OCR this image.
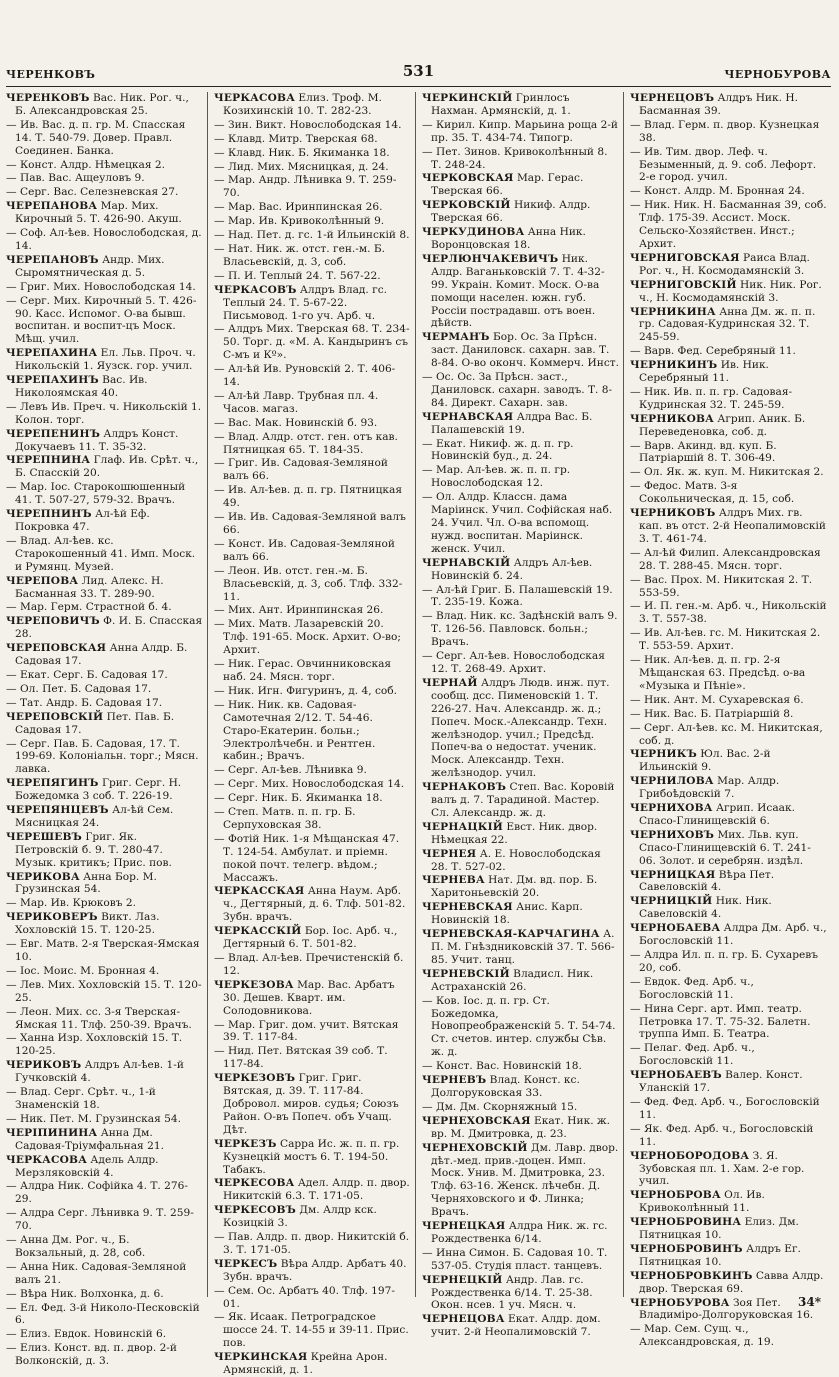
ЧЕРЕНКОВЪ	531	ЧЕРНОБУРОВА
ЧЕРЕНКОВЪ Вас. Ник. Рог. ч., Б. Александровская 25.
— Ив. Вас. д. п. гр. М. Спасская 14. Т. 540-79. Довер. Правл. Соединен. Банка.
— Конст. Алдр. Нѣмецкая 2.
— Пав. Вас. Ащеуловъ 9.
— Серг. Вас. Селезневская 27.
ЧЕРЕПАНОВА Мар. Мих. Кирочный 5. Т. 426-90. Акуш.
— Соф. Ал-ѣев. Новослободская, д. 14.
ЧЕРЕПАНОВЪ Андр. Мих. Сыромятническая д. 5.
— Григ. Мих. Новослободская 14.
— Серг. Мих. Кирочный 5. Т. 426-90. Касс. Испомог. О-ва бывш. воспитан. и воспит-цъ Моск. Мѣщ. учил.
ЧЕРЕПАХИНА Ел. Льв. Проч. ч. Никольскій 1. Яузск. гор. учил.
ЧЕРЕПАХИНЪ Вас. Ив. Николоямская 40.
— Левъ Ив. Преч. ч. Никольскій 1. Колон. торг.
ЧЕРЕПЕНИНЪ Алдръ Конст. Докучаевъ 11. Т. 35-32.
ЧЕРЕПНИНА Глаф. Ив. Срѣт. ч., Б. Спасскій 20.
— Мар. Іос. Старокошюшенный 41. Т. 507-27, 579-32. Врачъ.
ЧЕРЕПНИНЪ Ал-ѣй Еф. Покровка 47.
— Влад. Ал-ѣев. кс. Старокошенный 41. Имп. Моск. и Румянц. Музей.
ЧЕРЕПОВА Лид. Алекс. Н. Басманная 33. Т. 289-90.
— Мар. Герм. Страстной б. 4.
ЧЕРЕПОВИЧЪ Ф. И. Б. Спасская 28.
ЧЕРЕПОВСКАЯ Анна Алдр. Б. Садовая 17.
— Екат. Серг. Б. Садовая 17.
— Ол. Пет. Б. Садовая 17.
— Тат. Андр. Б. Садовая 17.
ЧЕРЕПОВСКІЙ Пет. Пав. Б. Садовая 17.
— Серг. Пав. Б. Садовая, 17. Т. 199-69. Колоніальн. торг.; Мясн. лавка.
ЧЕРЕПЯГИНЪ Григ. Серг. Н. Божедомка 3 соб. Т. 226-19.
ЧЕРЕПЯНЦЕВЪ Ал-ѣй Сем. Мясницкая 24.
ЧЕРЕШЕВЪ Григ. Як. Петровскій б. 9. Т. 280-47. Музык. критикъ; Прис. пов.
ЧЕРИКОВА Анна Бор. М. Грузинская 54.
— Мар. Ив. Крюковъ 2.
ЧЕРИКОВЕРЪ Викт. Лаз. Хохловскій 15. Т. 120-25.
— Евг. Матв. 2-я Тверская-Ямская 10.
— Іос. Моис. М. Бронная 4.
— Лев. Мих. Хохловскій 15. Т. 120-25.
— Леон. Мих. сс. 3-я Тверская-Ямская 11. Тлф. 250-39. Врачъ.
— Ханна Изр. Хохловскій 15. Т. 120-25.
ЧЕРИКОВЪ Алдръ Ал-ѣев. 1-й Гучковскій 4.
— Влад. Серг. Срѣт. ч., 1-й Знаменскій 18.
— Ник. Пет. М. Грузинская 54.
ЧЕРІПИНИНА Анна Дм. Садовая-Тріумфальная 21.
ЧЕРКАСОВА Адель Алдр. Мерзляковскій 4.
— Алдра Ник. Софійка 4. Т. 276-29.
— Алдра Серг. Лѣнивка 9. Т. 259-70.
— Анна Дм. Рог. ч., Б. Вокзальный, д. 28, соб.
— Анна Ник. Садовая-Земляной валъ 21.
— Вѣра Ник. Волхонка, д. 6.
— Ел. Фед. 3-й Николо-Песковскій 6.
— Елиз. Евдок. Новинскій 6.
— Елиз. Конст. вд. п. двор. 2-й Волконскій, д. 3.
ЧЕРКАСОВА Елиз. Троф. М. Козихинскій 10. Т. 282-23.
— Зин. Викт. Новослободская 14.
— Клавд. Митр. Тверская 68.
— Клавд. Ник. Б. Якиманка 18.
— Лид. Мих. Мясницкая, д. 24.
— Мар. Андр. Лѣнивка 9. Т. 259-70.
— Мар. Вас. Иринпинская 26.
— Мар. Ив. Кривоколѣнный 9.
— Над. Пет. д. гс. 1-й Ильинскій 8.
— Нат. Ник. ж. отст. ген.-м. Б. Власьевскій, д. 3, соб.
— П. И. Теплый 24. Т. 567-22.
ЧЕРКАСОВЪ Алдръ Влад. гс. Теплый 24. Т. 5-67-22. Письмовод. 1-го уч. Арб. ч.
— Алдръ Мих. Тверская 68. Т. 234-50. Торг. д. «М. А. Кандыринъ съ С-мъ и Кº».
— Ал-ѣй Ив. Руновскій 2. Т. 406-14.
— Ал-ѣй Лавр. Трубная пл. 4. Часов. магаз.
— Вас. Мак. Новинскій б. 93.
— Влад. Алдр. отст. ген. отъ кав. Пятницкая 65. Т. 184-35.
— Григ. Ив. Садовая-Земляной валъ 66.
— Ив. Ал-ѣев. д. п. гр. Пятницкая 49.
— Ив. Ив. Садовая-Земляной валъ 66.
— Конст. Ив. Садовая-Земляной валъ 66.
— Леон. Ив. отст. ген.-м. Б. Власьевскій, д. 3, соб. Тлф. 332-11.
— Мих. Ант. Иринпинская 26.
— Мих. Матв. Лазаревскій 20. Тлф. 191-65. Моск. Архит. О-во; Архит.
— Ник. Герас. Овчинниковская наб. 24. Мясн. торг.
— Ник. Игн. Фигуринъ, д. 4, соб.
— Ник. Ник. кв. Садовая-Самотечная 2/12. Т. 54-46. Старо-Екатерин. больн.; Электролѣчебн. и Рентген. кабин.; Врачъ.
— Серг. Ал-ѣев. Лѣнивка 9.
— Серг. Мих. Новослободская 14.
— Серг. Ник. Б. Якиманка 18.
— Степ. Матв. п. п. гр. Б. Серпуховская 38.
— Фотій Ник. 1-я Мѣщанская 47. Т. 124-54. Амбулат. и пріемн. покой почт. телегр. вѣдом.; Массажъ.
ЧЕРКАССКАЯ Анна Наум. Арб. ч., Дегтярный, д. 6. Тлф. 501-82. Зубн. врачъ.
ЧЕРКАССКІЙ Бор. Іос. Арб. ч., Дегтярный 6. Т. 501-82.
— Влад. Ал-ѣев. Пречистенскій б. 12.
ЧЕРКЕЗОВА Мар. Вас. Арбатъ 30. Дешев. Кварт. им. Солодовникова.
— Мар. Григ. дом. учит. Вятская 39. Т. 117-84.
— Нид. Пет. Вятская 39 соб. Т. 117-84.
ЧЕРКЕЗОВЪ Григ. Григ. Вятская, д. 39. Т. 117-84. Добровол. миров. судья; Союзъ Район. О-въ Попеч. объ Учащ. Дѣт.
ЧЕРКЕЗЪ Сарра Ис. ж. п. п. гр. Кузнецкій мостъ 6. Т. 194-50. Табакъ.
ЧЕРКЕСОВА Адел. Алдр. п. двор. Никитскій 6.3. Т. 171-05.
ЧЕРКЕСОВЪ Дм. Алдр кск. Козицкій 3.
— Пав. Алдр. п. двор. Никитскій б. 3. Т. 171-05.
ЧЕРКЕСЪ Вѣра Алдр. Арбатъ 40. Зубн. врачъ.
— Сем. Ос. Арбатъ 40. Тлф. 197-01.
— Як. Исаак. Петроградское шоссе 24. Т. 14-55 и 39-11. Прис. пов.
ЧЕРКИНСКАЯ Крейна Арон. Армянскій, д. 1.
ЧЕРКИНСКІЙ Гринлосъ Нахман. Армянскій, д. 1.
— Кирил. Кипр. Марьина роща 2-й пр. 35. Т. 434-74. Типогр.
— Пет. Зинов. Кривоколѣнный 8. Т. 248-24.
ЧЕРКОВСКАЯ Мар. Герас. Тверская 66.
ЧЕРКОВСКІЙ Никиф. Алдр. Тверская 66.
ЧЕРКУДИНОВА Анна Ник. Воронцовская 18.
ЧЕРЛЮНЧАКЕВИЧЪ Ник. Алдр. Ваганьковскій 7. Т. 4-32-99. Украін. Комит. Моск. О-ва помощи населен. южн. губ. Россіи пострадавш. отъ воен. дѣйств.
ЧЕРМАНЪ Бор. Ос. За Прѣсн. заст. Даниловск. сахарн. зав. Т. 8-84. О-во оконч. Коммерч. Инст.
— Ос. Ос. За Прѣсн. заст., Даниловск. сахарн. заводъ. Т. 8-84. Директ. Сахарн. зав.
ЧЕРНАВСКАЯ Алдра Вас. Б. Палашевскій 19.
— Екат. Никиф. ж. д. п. гр. Новинскій буд., д. 24.
— Мар. Ал-ѣев. ж. п. п. гр. Новослободская 12.
— Ол. Алдр. Классн. дама Маріинск. Учил. Софійская наб. 24. Учил. Чл. О-ва вспомощ. нужд. воспитан. Маріинск. женск. Учил.
ЧЕРНАВСКІЙ Алдръ Ал-ѣев. Новинскій б. 24.
— Ал-ѣй Григ. Б. Палашевскій 19. Т. 235-19. Кожа.
— Влад. Ник. кс. Задѣнскій валъ 9. Т. 126-56. Павловск. больн.; Врачъ.
— Серг. Ал-ѣев. Новослободская 12. Т. 268-49. Архит.
ЧЕРНАЙ Алдръ Людв. инж. пут. сообщ. дсс. Пименовскій 1. Т. 226-27. Нач. Александр. ж. д.; Попеч. Моск.-Александр. Техн. желѣзнодор. учил.; Предсѣд. Попеч-ва о недостат. ученик. Моск. Александр. Техн. желѣзнодор. учил.
ЧЕРНАКОВЪ Степ. Вас. Коровій валъ д. 7. Тарадиной. Мастер. Сл. Александр. ж. д.
ЧЕРНАЦКІЙ Евст. Ник. двор. Нѣмецкая 22.
ЧЕРНЕЯ А. Е. Новослободская 28. Т. 527-02.
ЧЕРНЕВА Нат. Дм. вд. пор. Б. Харитоньевскій 20.
ЧЕРНЕВСКАЯ Анис. Карп. Новинскій 18.
ЧЕРНЕВСКАЯ-КАРЧАГИНА А. П. М. Гнѣздниковскій 37. Т. 566-85. Учит. танц.
ЧЕРНЕВСКІЙ Владисл. Ник. Астраханскій 26.
— Ков. Іос. д. п. гр. Ст. Божедомка, Новопреображенскій 5. Т. 54-74. Ст. счетов. интер. службы Сѣв. ж. д.
— Конст. Вас. Новинскій 18.
ЧЕРНЕВЪ Влад. Конст. кс. Долгоруковская 33.
— Дм. Дм. Скорняжный 15.
ЧЕРНЕХОВСКАЯ Екат. Ник. ж. вр. М. Дмитровка, д. 23.
ЧЕРНЕХОВСКІЙ Дм. Лавр. двор. дѣт.-мед. прив.-доцен. Имп. Моск. Унив. М. Дмитровка, 23. Тлф. 63-16. Женск. лѣчебн. Д. Черняховского и Ф. Линка; Врачъ.
ЧЕРНЕЦКАЯ Алдра Ник. ж. гс. Рождественка 6/14.
— Инна Симон. Б. Садовая 10. Т. 537-05. Студія пласт. танцевъ.
ЧЕРНЕЦКІЙ Андр. Лав. гс. Рождественка 6/14. Т. 25-38. Окон. нсев. 1 уч. Мясн. ч.
ЧЕРНЕЦОВА Екат. Алдр. дом. учит. 2-й Неопалимовскій 7.
ЧЕРНЕЦОВЪ Алдръ Ник. Н. Басманная 39.
— Влад. Герм. п. двор. Кузнецкая 38.
— Ив. Тим. двор. Леф. ч. Безыменный, д. 9. соб. Лефорт. 2-е город. учил.
— Конст. Алдр. М. Бронная 24.
— Ник. Ник. Н. Басманная 39, соб. Тлф. 175-39. Ассист. Моск. Сельско-Хозяйствен. Инст.; Архит.
ЧЕРНИГОВСКАЯ Раиса Влад. Рог. ч., Н. Космодамянскій 3.
ЧЕРНИГОВСКІЙ Ник. Ник. Рог. ч., Н. Космодамянскій 3.
ЧЕРНИКИНА Анна Дм. ж. п. п. гр. Садовая-Кудринская 32. Т. 245-59.
— Варв. Фед. Серебряный 11.
ЧЕРНИКИНЪ Ив. Ник. Серебряный 11.
— Ник. Ив. п. п. гр. Садовая-Кудринская 32. Т. 245-59.
ЧЕРНИКОВА Агрип. Аник. Б. Переведеновка, соб. д.
— Варв. Акинд. вд. куп. Б. Патріаршій 8. Т. 306-49.
— Ол. Як. ж. куп. М. Никитская 2.
— Федос. Матв. 3-я Сокольническая, д. 15, соб.
ЧЕРНИКОВЪ Алдръ Мих. гв. кап. въ отст. 2-й Неопалимовскій 3. Т. 461-74.
— Ал-ѣй Филип. Александровская 28. Т. 288-45. Мясн. торг.
— Вас. Прох. М. Никитская 2. Т. 553-59.
— И. П. ген.-м. Арб. ч., Никольскій 3. Т. 557-38.
— Ив. Ал-ѣев. гс. М. Никитская 2. Т. 553-59. Архит.
— Ник. Ал-ѣев. д. п. гр. 2-я Мѣщанская 63. Предсѣд. о-ва «Музыка и Пѣніе».
— Ник. Ант. М. Сухаревская 6.
— Ник. Вас. Б. Патріаршій 8.
— Серг. Ал-ѣев. кс. М. Никитская, соб. д.
ЧЕРНИКЪ Юл. Вас. 2-й Ильинскій 9.
ЧЕРНИЛОВА Мар. Алдр. Грибоѣдовскій 7.
ЧЕРНИХОВА Агрип. Исаак. Спасо-Глинищевскій 6.
ЧЕРНИХОВЪ Мих. Льв. куп. Спасо-Глинищевскій 6. Т. 241-06. Золот. и серебрян. издѣл.
ЧЕРНИЦКАЯ Вѣра Пет. Савеловскій 4.
ЧЕРНИЦКІЙ Ник. Ник. Савеловскій 4.
ЧЕРНОБАЕВА Алдра Дм. Арб. ч., Богословскій 11.
— Алдра Ил. п. п. гр. Б. Сухаревъ 20, соб.
— Евдок. Фед. Арб. ч., Богословскій 11.
— Нина Серг. арт. Имп. театр. Петровка 17. Т. 75-32. Балетн. труппа Имп. Б. Театра.
— Пелаг. Фед. Арб. ч., Богословскій 11.
ЧЕРНОБАЕВЪ Валер. Конст. Уланскій 17.
— Фед. Фед. Арб. ч., Богословскій 11.
— Як. Фед. Арб. ч., Богословскій 11.
ЧЕРНОБОРОДОВА З. Я. Зубовская пл. 1. Хам. 2-е гор. учил.
ЧЕРНОБРОВА Ол. Ив. Кривоколѣнный 11.
ЧЕРНОБРОВИНА Елиз. Дм. Пятницкая 10.
ЧЕРНОБРОВИНЪ Алдръ Ег. Пятницкая 10.
ЧЕРНОБРОВКИНЪ Савва Алдр. двор. Тверская 69.
ЧЕРНОБУРОВА Зоя Пет. Владиміро-Долгоруковская 16.
— Мар. Сем. Сущ. ч., Александровская, д. 19.
34*
